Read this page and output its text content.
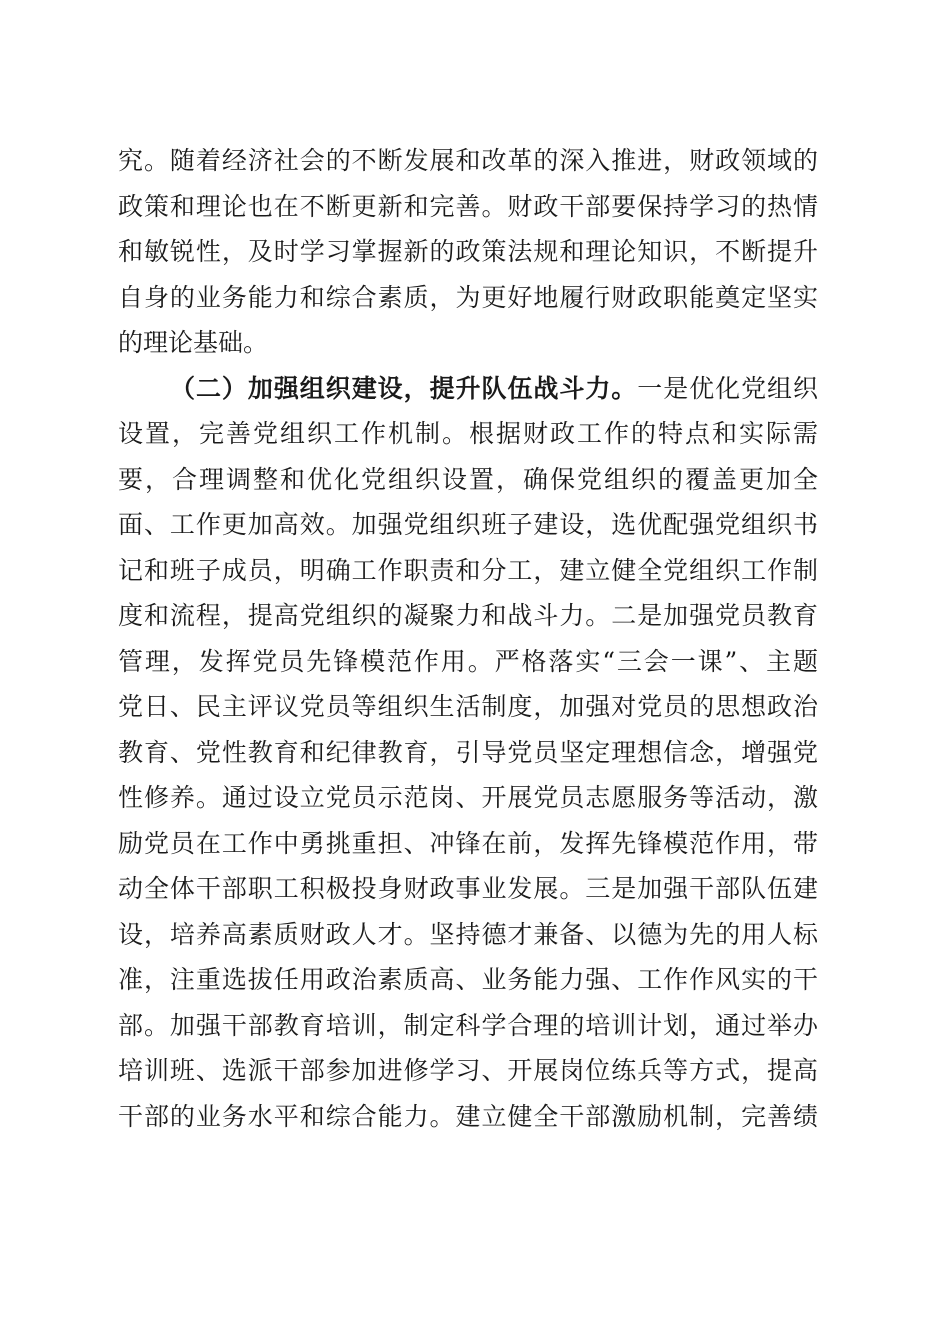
究。随着经济社会的不断发展和改革的深入推进，财政领域的
政策和理论也在不断更新和完善。财政干部要保持学习的热情
和敏锐性，及时学习掌握新的政策法规和理论知识，不断提升
自身的业务能力和综合素质，为更好地履行财政职能奠定坚实
的理论基础。
（二）加强组织建设，提升队伍战斗力。一是优化党组织
设置，完善党组织工作机制。根据财政工作的特点和实际需
要，合理调整和优化党组织设置，确保党组织的覆盖更加全
面、工作更加高效。加强党组织班子建设，选优配强党组织书
记和班子成员，明确工作职责和分工，建立健全党组织工作制
度和流程，提高党组织的凝聚力和战斗力。二是加强党员教育
管理，发挥党员先锋模范作用。严格落实“三会一课”、主题
党日、民主评议党员等组织生活制度，加强对党员的思想政治
教育、党性教育和纪律教育，引导党员坚定理想信念，增强党
性修养。通过设立党员示范岗、开展党员志愿服务等活动，激
励党员在工作中勇挑重担、冲锋在前，发挥先锋模范作用，带
动全体干部职工积极投身财政事业发展。三是加强干部队伍建
设，培养高素质财政人才。坚持德才兼备、以德为先的用人标
准，注重选拔任用政治素质高、业务能力强、工作作风实的干
部。加强干部教育培训，制定科学合理的培训计划，通过举办
培训班、选派干部参加进修学习、开展岗位练兵等方式，提高
干部的业务水平和综合能力。建立健全干部激励机制，完善绩
